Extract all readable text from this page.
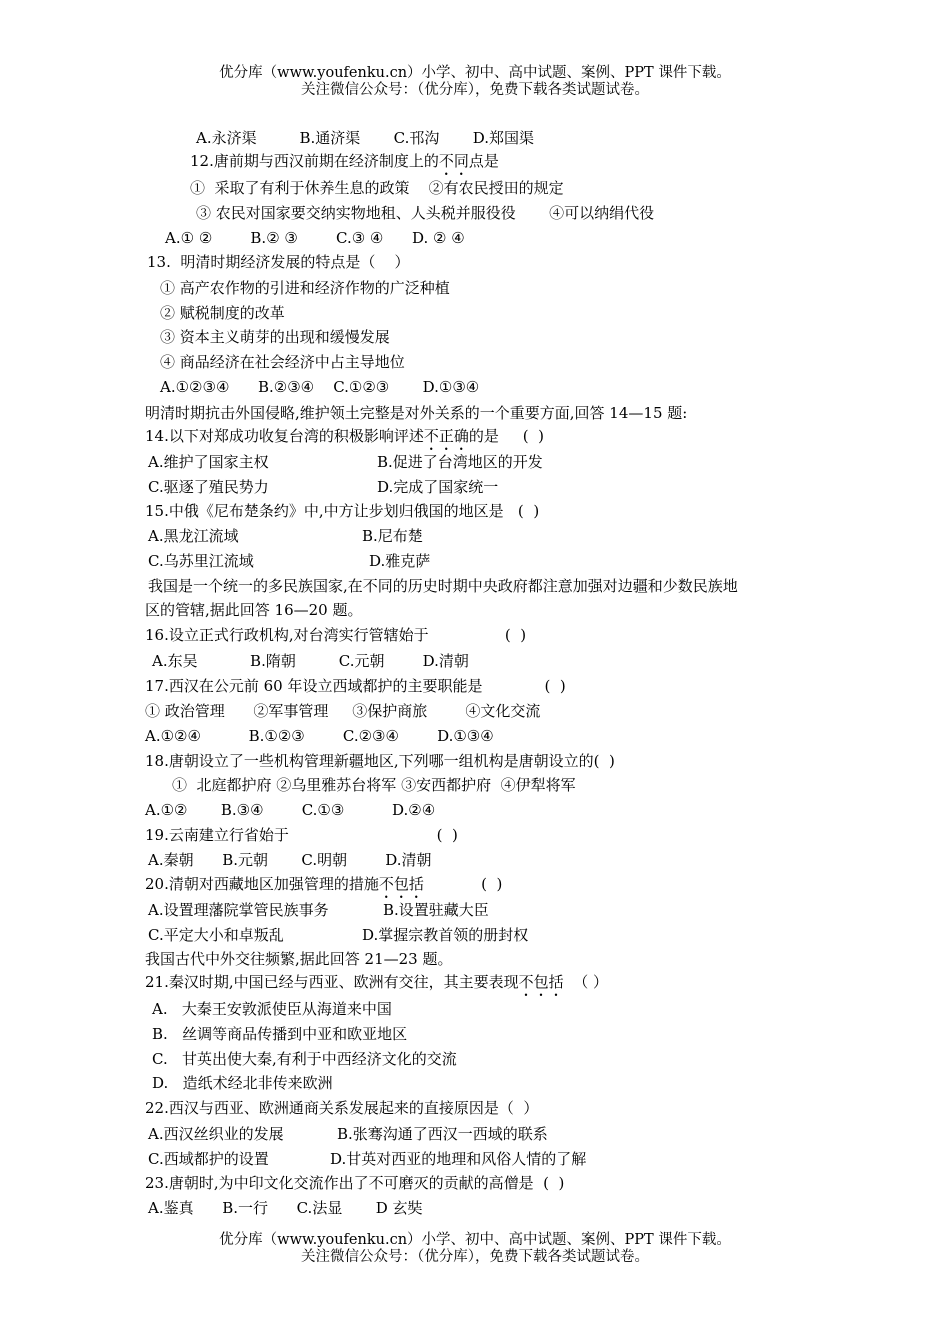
优分库（www.youfenku.cn）小学、初中、高中试题、案例、PPT 课件下载。
关注微信公众号：（优分库），免费下载各类试题试卷。
A.永济渠         B.通济渠       C.邗沟       D.郑国渠
12.唐前期与西汉前期在经济制度上的不同点是
①  采取了有利于休养生息的政策    ②有农民授田的规定
③ 农民对国家要交纳实物地租、人头税并服役役       ④可以纳绢代役
A.① ②        B.② ③        C.③ ④      D. ② ④
13.  明清时期经济发展的特点是（    ）
① 高产农作物的引进和经济作物的广泛种植
② 赋税制度的改革
③ 资本主义萌芽的出现和缓慢发展
④ 商品经济在社会经济中占主导地位
A.①②③④      B.②③④    C.①②③       D.①③④
明清时期抗击外国侵略,维护领土完整是对外关系的一个重要方面,回答 14—15 题:
14.以下对郑成功收复台湾的积极影响评述不正确的是     (  )
A.维护了国家主权	B.促进了台湾地区的开发
C.驱逐了殖民势力	D.完成了国家统一
15.中俄《尼布楚条约》中,中方让步划归俄国的地区是   (  )
A.黑龙江流域	B.尼布楚
C.乌苏里江流域	D.雅克萨
我国是一个统一的多民族国家,在不同的历史时期中央政府都注意加强对边疆和少数民族地
区的管辖,据此回答 16—20 题。
16.设立正式行政机构,对台湾实行管辖始于                (  )
A.东吴           B.隋朝         C.元朝        D.清朝
17.西汉在公元前 60 年设立西域都护的主要职能是             (  )
① 政治管理      ②军事管理     ③保护商旅        ④文化交流
A.①②④          B.①②③        C.②③④        D.①③④
18.唐朝设立了一些机构管理新疆地区,下列哪一组机构是唐朝设立的(  )
①  北庭都护府 ②乌里雅苏台将军 ③安西都护府  ④伊犁将军
A.①②       B.③④        C.①③          D.②④
19.云南建立行省始于                               (  )
A.秦朝      B.元朝       C.明朝        D.清朝
20.清朝对西藏地区加强管理的措施不包括            (  )
A.设置理藩院掌管民族事务	B.设置驻藏大臣
C.平定大小和卓叛乱	D.掌握宗教首领的册封权
我国古代中外交往频繁,据此回答 21—23 题。
21.秦汉时期,中国已经与西亚、欧洲有交往，其主要表现不包括  （ ）
A.   大秦王安敦派使臣从海道来中国
B.   丝调等商品传播到中亚和欧亚地区
C.   甘英出使大秦,有利于中西经济文化的交流
D.   造纸术经北非传来欧洲
22.西汉与西亚、欧洲通商关系发展起来的直接原因是（  ）
A.西汉丝织业的发展	B.张骞沟通了西汉一西域的联系
C.西域都护的设置	D.甘英对西亚的地理和风俗人情的了解
23.唐朝时,为中印文化交流作出了不可磨灭的贡献的高僧是  (  )
A.鉴真      B.一行      C.法显       D 玄奘
优分库（www.youfenku.cn）小学、初中、高中试题、案例、PPT 课件下载。
关注微信公众号：（优分库），免费下载各类试题试卷。
